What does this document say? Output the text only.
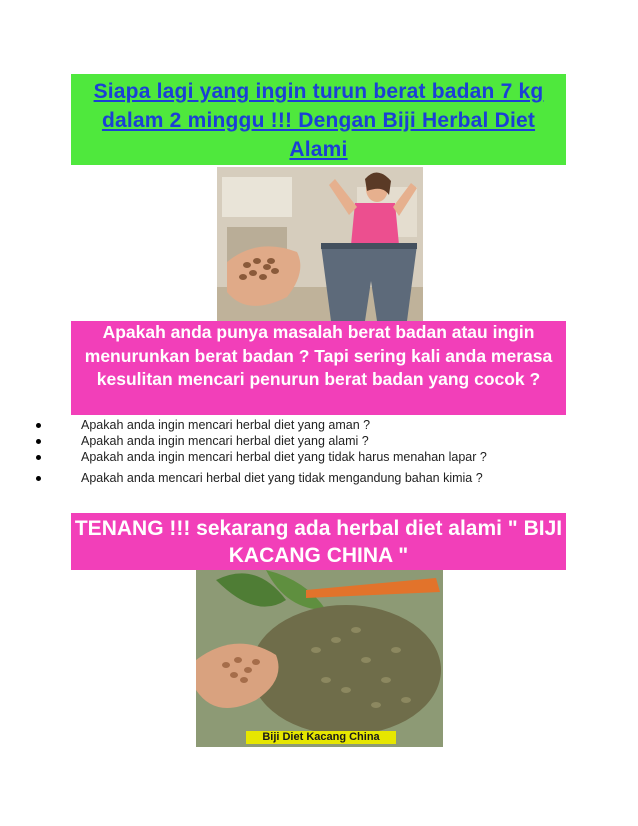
Siapa lagi yang ingin turun berat badan 7 kg dalam 2 minggu !!! Dengan Biji Herbal Diet Alami
Apakah anda punya masalah berat badan atau ingin menurunkan berat badan ? Tapi sering kali anda merasa kesulitan mencari penurun berat badan yang cocok ?
Apakah anda ingin mencari herbal diet yang aman ?
Apakah anda ingin mencari herbal diet yang alami ?
Apakah anda ingin mencari herbal diet yang tidak harus menahan lapar ?
Apakah anda mencari herbal diet yang tidak mengandung bahan kimia ?
TENANG !!! sekarang ada herbal diet alami " BIJI KACANG CHINA "
Biji Diet Kacang China
